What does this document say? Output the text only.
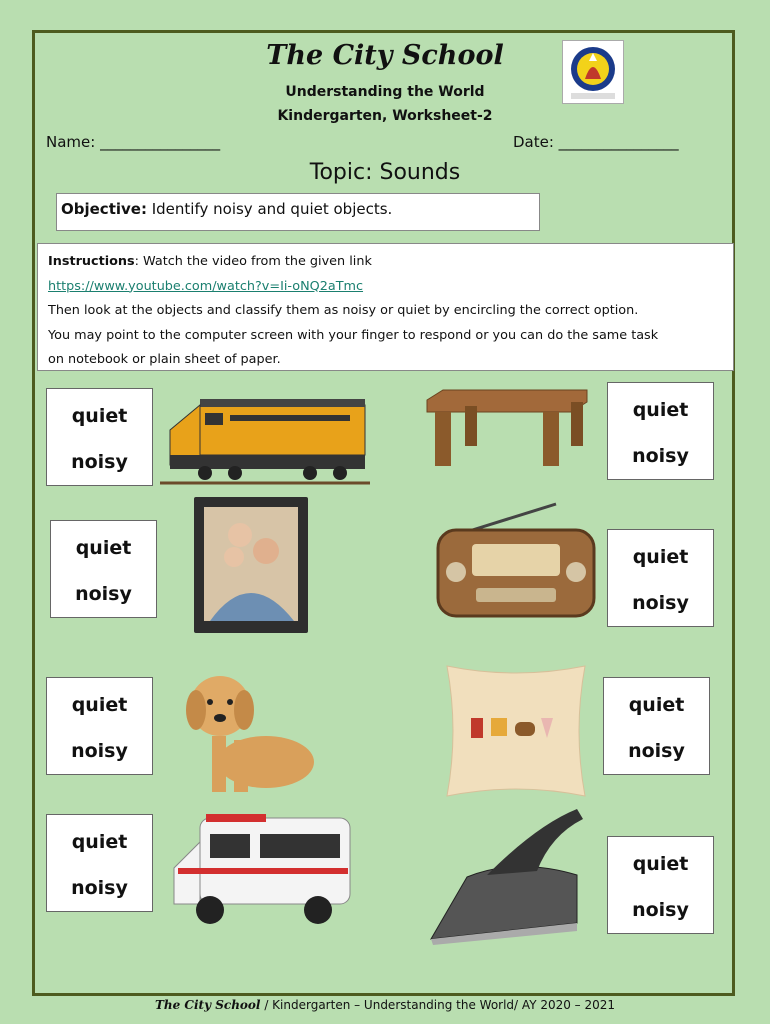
The City School
Understanding the World
Kindergarten, Worksheet-2
Name: ________________	Date: ________________
Topic: Sounds
Objective: Identify noisy and quiet objects.
Instructions: Watch the video from the given link
https://www.youtube.com/watch?v=Ii-oNQ2aTmc
Then look at the objects and classify them as noisy or quiet by encircling the correct option.
You may point to the computer screen with your finger to respond or you can do the same task
on notebook or plain sheet of paper.
quiet
noisy
quiet
noisy
quiet
noisy
quiet
noisy
quiet
noisy
quiet
noisy
quiet
noisy
quiet
noisy
The City School / Kindergarten – Understanding the World/ AY 2020 – 2021
